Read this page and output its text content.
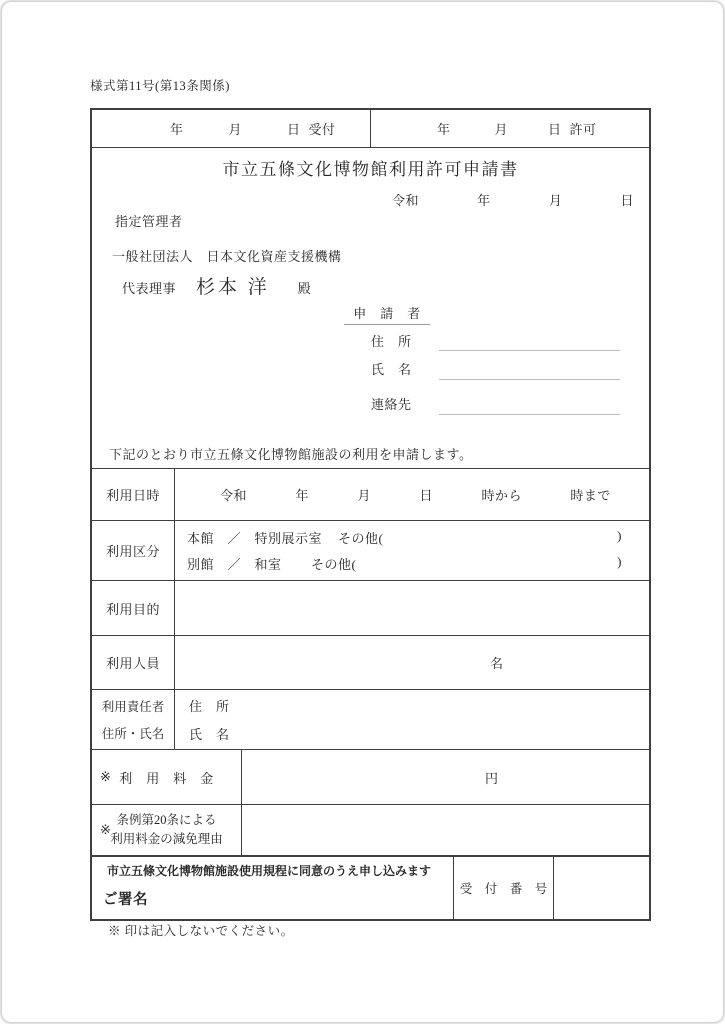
様式第11号(第13条関係)
年	月	日 受付	年	月	日 許可
市立五條文化博物館利用許可申請書
令和	年	月	日
指定管理者
一般社団法人　日本文化資産支援機構
代表理事 杉本 洋 殿
申　請　者
住　所
氏　名
連絡先
下記のとおり市立五條文化博物館施設の利用を申請します。
利用日時	令和	年	月	日	時から	時まで
利用区分
本館　／　特別展示室 その他(	)
別館　／　和室 　その他(	)
利用目的
利用人員	名
利用責任者
住所・氏名
住　所
氏　名
※ 利　用　料　金	円
※
条例第20条による
利用料金の減免理由
市立五條文化博物館施設使用規程に同意のうえ申し込みます
ご署名
受　付　番　号
※ 印は記入しないでください。
